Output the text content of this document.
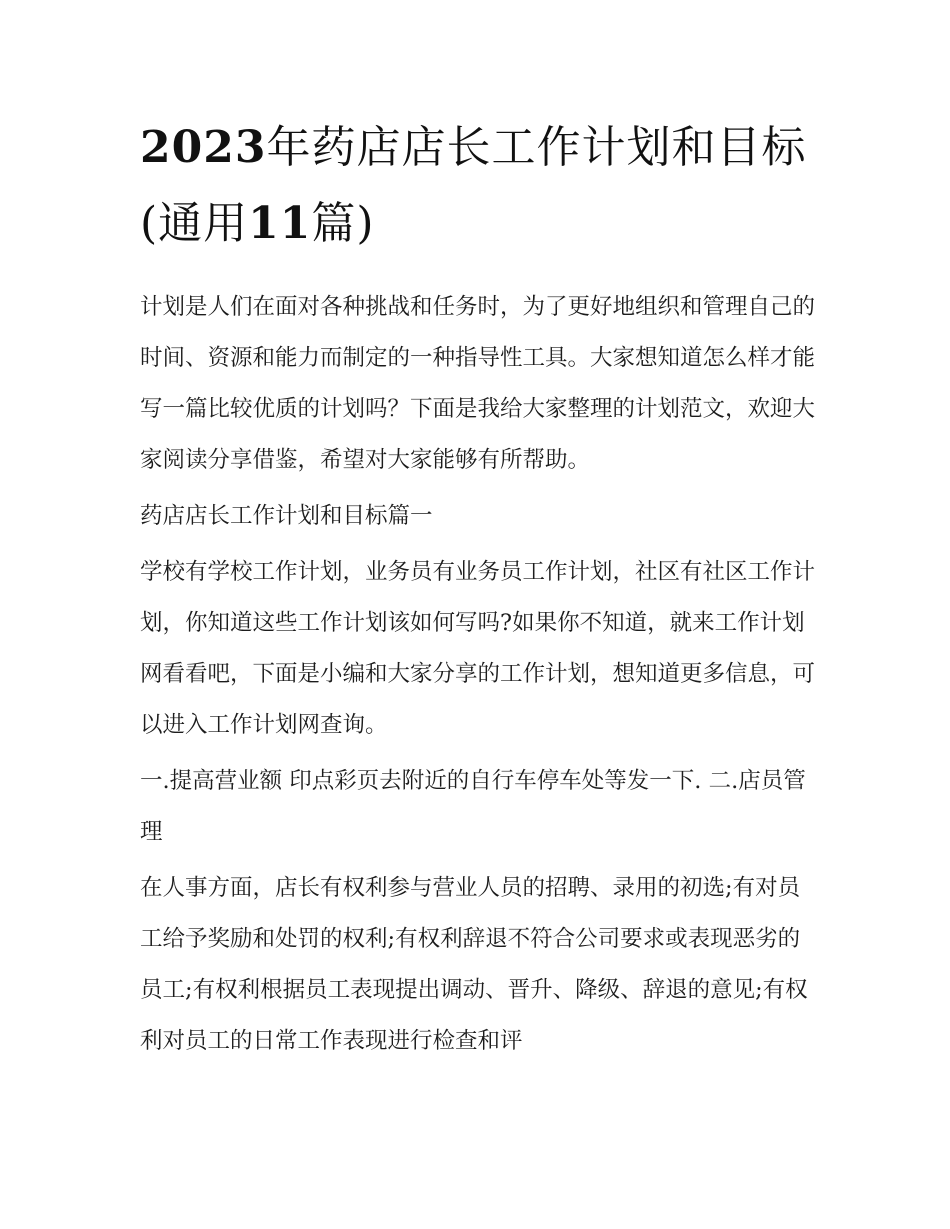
2023年药店店长工作计划和目标(通用11篇)

计划是人们在面对各种挑战和任务时，为了更好地组织和管理自己的时间、资源和能力而制定的一种指导性工具。大家想知道怎么样才能写一篇比较优质的计划吗？下面是我给大家整理的计划范文，欢迎大家阅读分享借鉴，希望对大家能够有所帮助。

药店店长工作计划和目标篇一

学校有学校工作计划，业务员有业务员工作计划，社区有社区工作计划，你知道这些工作计划该如何写吗?如果你不知道，就来工作计划网看看吧，下面是小编和大家分享的工作计划，想知道更多信息，可以进入工作计划网查询。

一.提高营业额 印点彩页去附近的自行车停车处等发一下. 二.店员管理

在人事方面，店长有权利参与营业人员的招聘、录用的初选;有对员工给予奖励和处罚的权利;有权利辞退不符合公司要求或表现恶劣的员工;有权利根据员工表现提出调动、晋升、降级、辞退的意见;有权利对员工的日常工作表现进行检查和评
